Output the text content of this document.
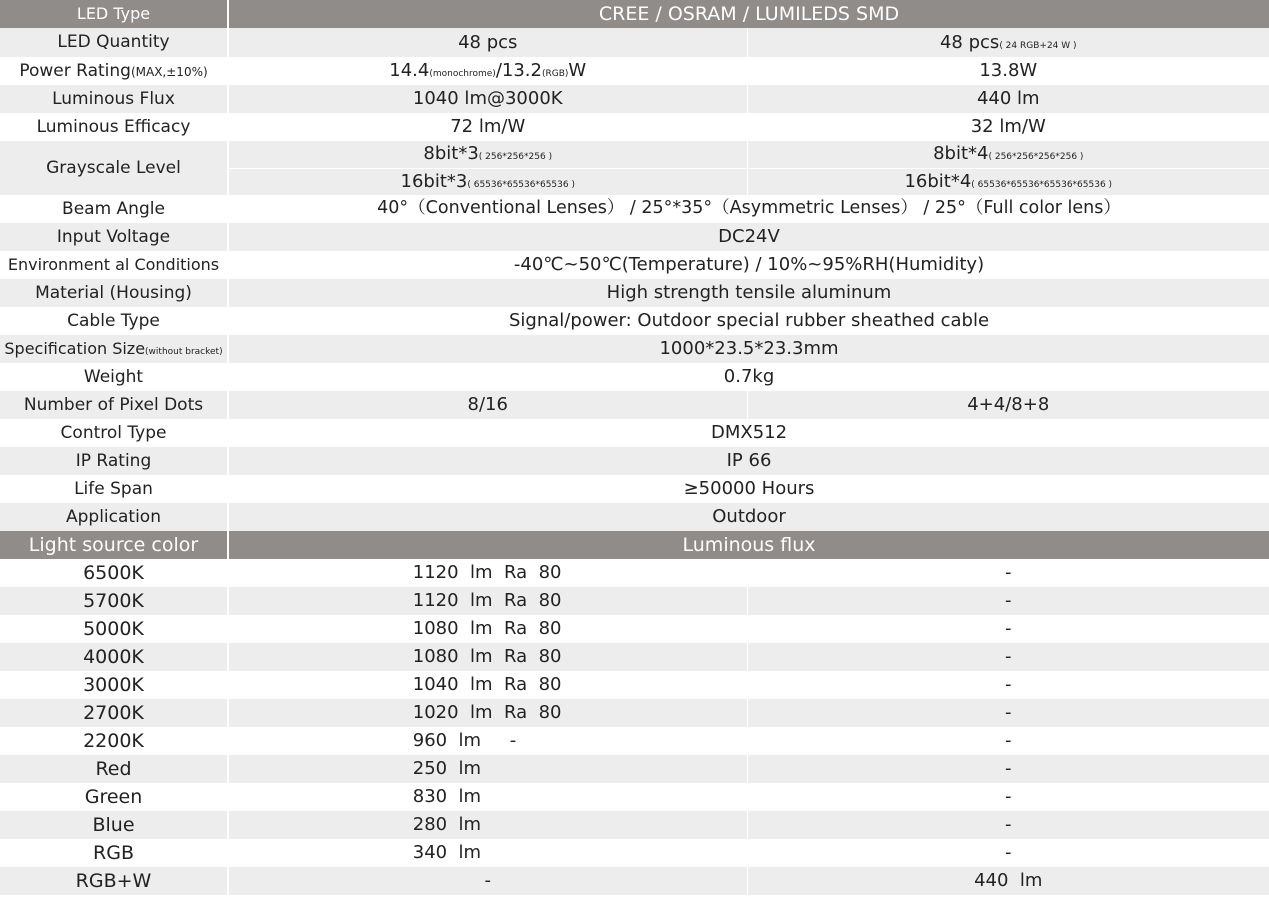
LED Type	CREE / OSRAM / LUMILEDS SMD	
LED Quantity	48 pcs	48 pcs( 24 RGB+24 W )
Power Rating(MAX,±10%)	14.4(monochrome)/13.2(RGB)W	13.8W
Luminous Flux	1040 lm@3000K	440 lm
Luminous Efficacy	72 lm/W	32 lm/W
Grayscale Level	8bit*3( 256*256*256 )	8bit*4( 256*256*256*256 )
	16bit*3( 65536*65536*65536 )	16bit*4( 65536*65536*65536*65536 )
Beam Angle	40°（Conventional Lenses） / 25°*35°（Asymmetric Lenses） / 25°（Full color lens）	
Input Voltage	DC24V	
Environment al Conditions	-40℃~50℃(Temperature) / 10%~95%RH(Humidity)	
Material (Housing)	High strength tensile aluminum	
Cable Type	Signal/power: Outdoor special rubber sheathed cable	
Specification Size(without bracket)	1000*23.5*23.3mm	
Weight	0.7kg	
Number of Pixel Dots	8/16	4+4/8+8
Control Type	DMX512	
IP Rating	IP 66	
Life Span	≥50000 Hours	
Application	Outdoor	
Light source color	Luminous flux	
6500K	1120  lm  Ra  80	-
5700K	1120  lm  Ra  80	-
5000K	1080  lm  Ra  80	-
4000K	1080  lm  Ra  80	-
3000K	1040  lm  Ra  80	-
2700K	1020  lm  Ra  80	-
2200K	960  lm     -	-
Red	250  lm	-
Green	830  lm	-
Blue	280  lm	-
RGB	340  lm	-
RGB+W	-	440  lm
